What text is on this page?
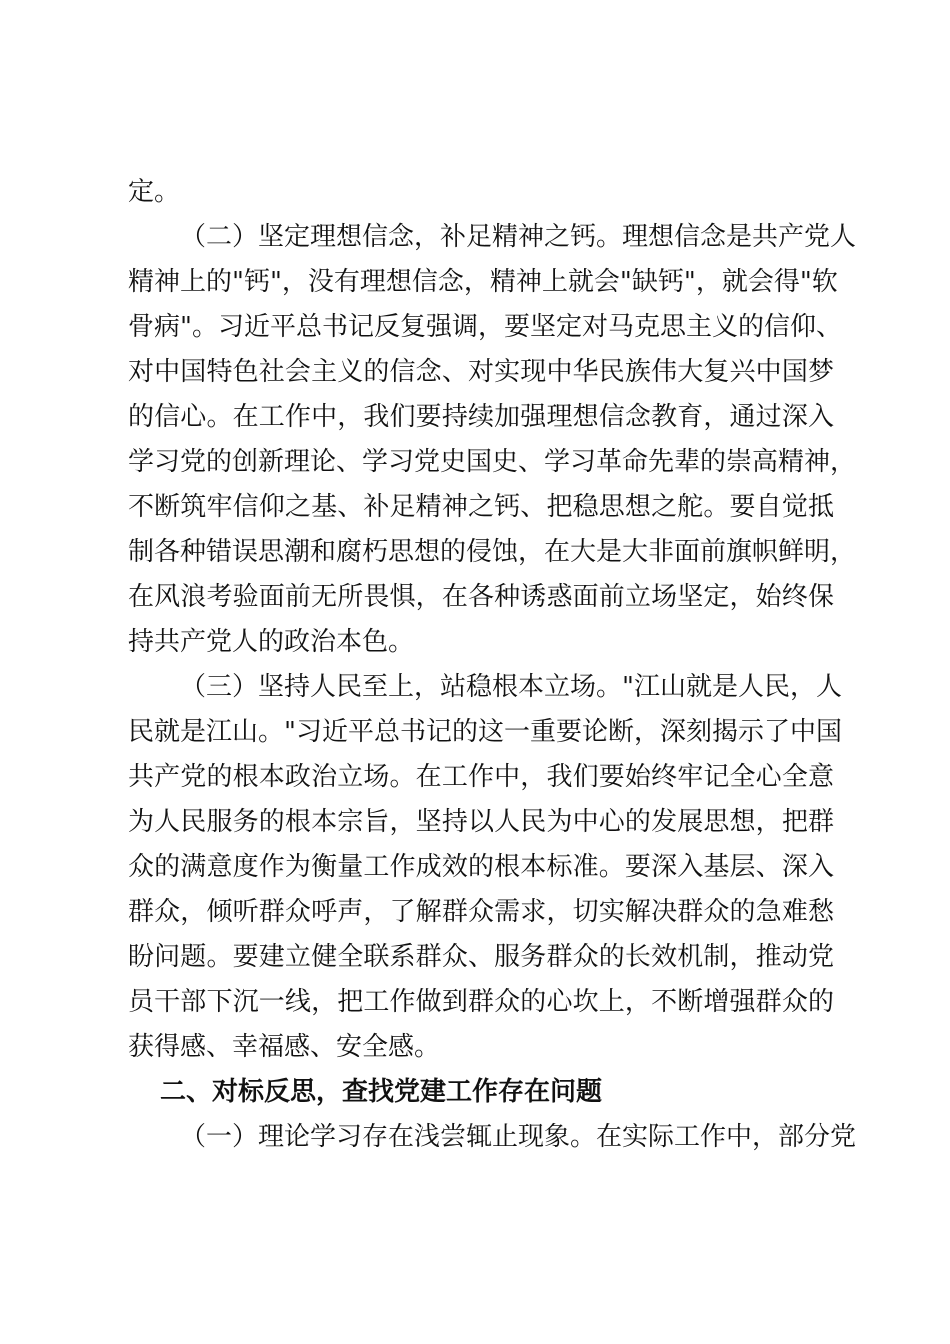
定。
（二）坚定理想信念，补足精神之钙。理想信念是共产党人
精神上的"钙"，没有理想信念，精神上就会"缺钙"，就会得"软
骨病"。习近平总书记反复强调，要坚定对马克思主义的信仰、
对中国特色社会主义的信念、对实现中华民族伟大复兴中国梦
的信心。在工作中，我们要持续加强理想信念教育，通过深入
学习党的创新理论、学习党史国史、学习革命先辈的崇高精神，
不断筑牢信仰之基、补足精神之钙、把稳思想之舵。要自觉抵
制各种错误思潮和腐朽思想的侵蚀，在大是大非面前旗帜鲜明，
在风浪考验面前无所畏惧，在各种诱惑面前立场坚定，始终保
持共产党人的政治本色。
（三）坚持人民至上，站稳根本立场。"江山就是人民，人
民就是江山。"习近平总书记的这一重要论断，深刻揭示了中国
共产党的根本政治立场。在工作中，我们要始终牢记全心全意
为人民服务的根本宗旨，坚持以人民为中心的发展思想，把群
众的满意度作为衡量工作成效的根本标准。要深入基层、深入
群众，倾听群众呼声，了解群众需求，切实解决群众的急难愁
盼问题。要建立健全联系群众、服务群众的长效机制，推动党
员干部下沉一线，把工作做到群众的心坎上，不断增强群众的
获得感、幸福感、安全感。
二、对标反思，查找党建工作存在问题
（一）理论学习存在浅尝辄止现象。在实际工作中，部分党
